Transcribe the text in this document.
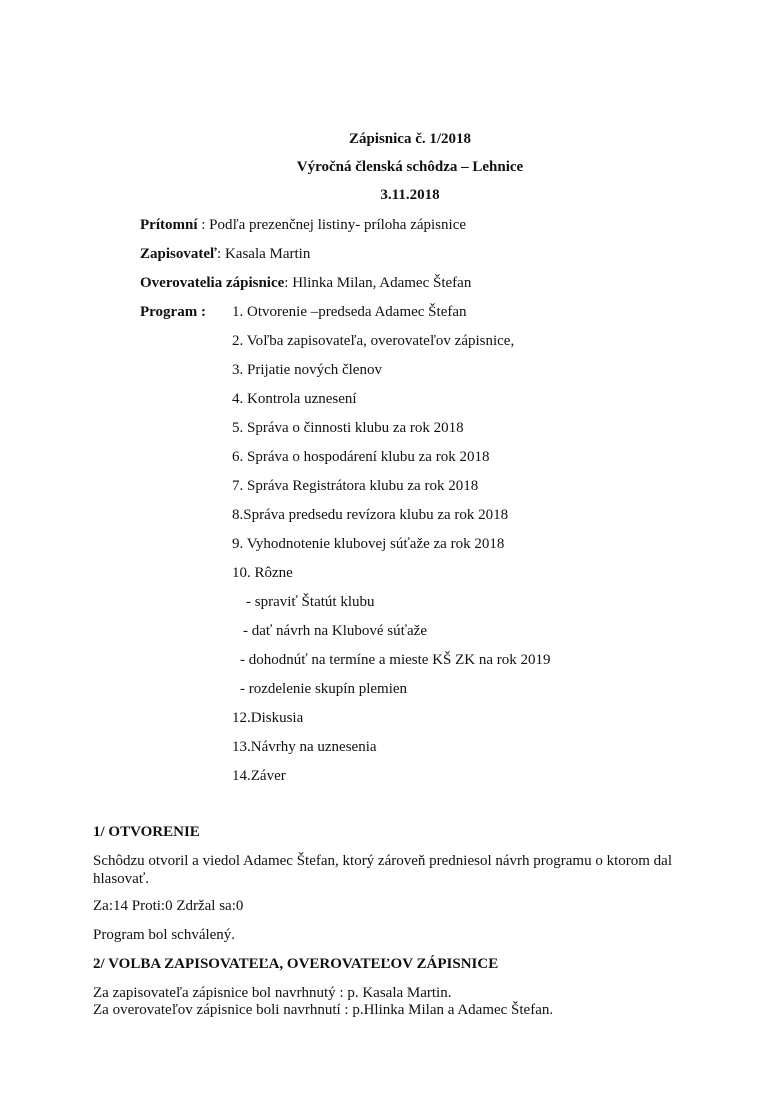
Zápisnica č. 1/2018
Výročná členská schôdza – Lehnice
3.11.2018
Prítomní : Podľa prezenčnej listiny- príloha zápisnice
Zapisovateľ: Kasala Martin
Overovatelia zápisnice: Hlinka Milan, Adamec Štefan
Program : 1. Otvorenie –predseda Adamec Štefan
2. Voľba zapisovateľa, overovateľov zápisnice,
3. Prijatie nových členov
4. Kontrola uznesení
5. Správa o činnosti klubu za rok 2018
6. Správa o hospodárení klubu za rok 2018
7. Správa Registrátora klubu za rok 2018
8.Správa predsedu revízora klubu za rok 2018
9. Vyhodnotenie klubovej súťaže za rok 2018
10. Rôzne
- spraviť Štatút klubu
- dať návrh na Klubové súťaže
- dohodnúť na termíne a mieste KŠ ZK na rok 2019
- rozdelenie skupín plemien
12.Diskusia
13.Návrhy na uznesenia
14.Záver
1/ OTVORENIE
Schôdzu otvoril a viedol Adamec Štefan, ktorý zároveň predniesol návrh programu o ktorom dal hlasovať.
Za:14 Proti:0 Zdržal sa:0
Program bol schválený.
2/ VOLBA ZAPISOVATEĽA, OVEROVATEĽOV ZÁPISNICE
Za zapisovateľa zápisnice bol navrhnutý : p. Kasala Martin.
Za overovateľov zápisnice boli navrhnutí : p.Hlinka Milan a Adamec Štefan.
